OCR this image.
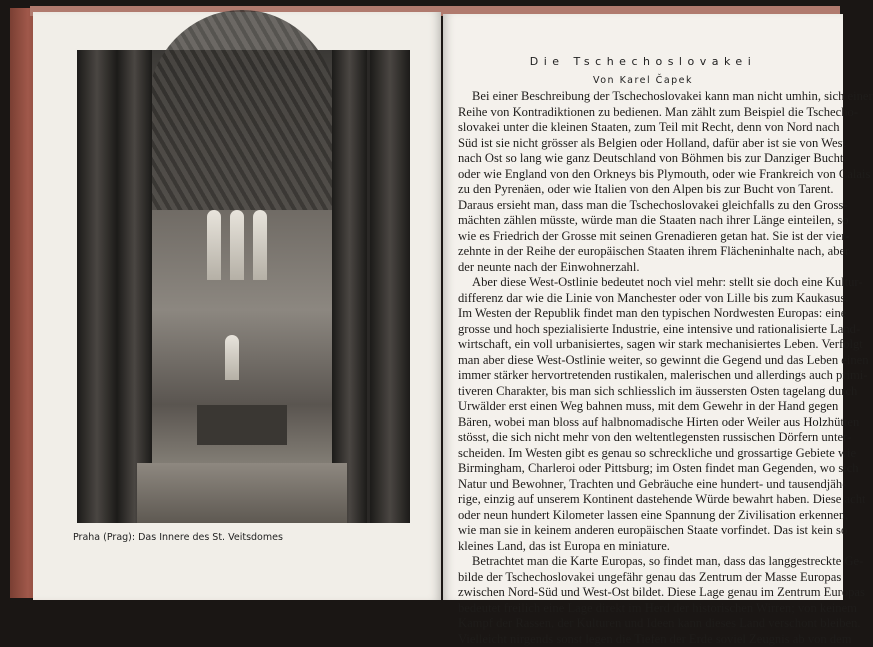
Praha (Prag): Das Innere des St. Veitsdomes
Die Tschechoslovakei
Von Karel Čapek
Bei einer Beschreibung der Tschechoslovakei kann man nicht umhin, sich einer
Reihe von Kontradiktionen zu bedienen. Man zählt zum Beispiel die Tschecho-
slovakei unter die kleinen Staaten, zum Teil mit Recht, denn von Nord nach
Süd ist sie nicht grösser als Belgien oder Holland, dafür aber ist sie von West
nach Ost so lang wie ganz Deutschland von Böhmen bis zur Danziger Bucht,
oder wie England von den Orkneys bis Plymouth, oder wie Frankreich von Calais
zu den Pyrenäen, oder wie Italien von den Alpen bis zur Bucht von Tarent.
Daraus ersieht man, dass man die Tschechoslovakei gleichfalls zu den Gross-
mächten zählen müsste, würde man die Staaten nach ihrer Länge einteilen, so
wie es Friedrich der Grosse mit seinen Grenadieren getan hat. Sie ist der vier-
zehnte in der Reihe der europäischen Staaten ihrem Flächeninhalte nach, aber
der neunte nach der Einwohnerzahl.
Aber diese West-Ostlinie bedeutet noch viel mehr: stellt sie doch eine Kultur-
differenz dar wie die Linie von Manchester oder von Lille bis zum Kaukasus.
Im Westen der Republik findet man den typischen Nordwesten Europas: eine
grosse und hoch spezialisierte Industrie, eine intensive und rationalisierte Land-
wirtschaft, ein voll urbanisiertes, sagen wir stark mechanisiertes Leben. Verfolgt
man aber diese West-Ostlinie weiter, so gewinnt die Gegend und das Leben einen
immer stärker hervortretenden rustikalen, malerischen und allerdings auch primi-
tiveren Charakter, bis man sich schliesslich im äussersten Osten tagelang durch
Urwälder erst einen Weg bahnen muss, mit dem Gewehr in der Hand gegen
Bären, wobei man bloss auf halbnomadische Hirten oder Weiler aus Holzhütten
stösst, die sich nicht mehr von den weltentlegensten russischen Dörfern unter-
scheiden. Im Westen gibt es genau so schreckliche und grossartige Gebiete wie
Birmingham, Charleroi oder Pittsburg; im Osten findet man Gegenden, wo sich
Natur und Bewohner, Trachten und Gebräuche eine hundert- und tausendjäh-
rige, einzig auf unserem Kontinent dastehende Würde bewahrt haben. Diese acht
oder neun hundert Kilometer lassen eine Spannung der Zivilisation erkennen,
wie man sie in keinem anderen europäischen Staate vorfindet. Das ist kein so
kleines Land, das ist Europa en miniature.
Betrachtet man die Karte Europas, so findet man, dass das langgestreckte Ge-
bilde der Tschechoslovakei ungefähr genau das Zentrum der Masse Europas
zwischen Nord-Süd und West-Ost bildet. Diese Lage genau im Zentrum Europas
bedeutet freilich eine Lage direkt im Herd der historischen Wirren; von keinem
Kampf der Rassen, der Kulturen und Ideen kann dieses Land verschont bleiben.
Vielleicht nirgends sonst legen die Tiefen der Erde soviel Zeugnis ab von dem
